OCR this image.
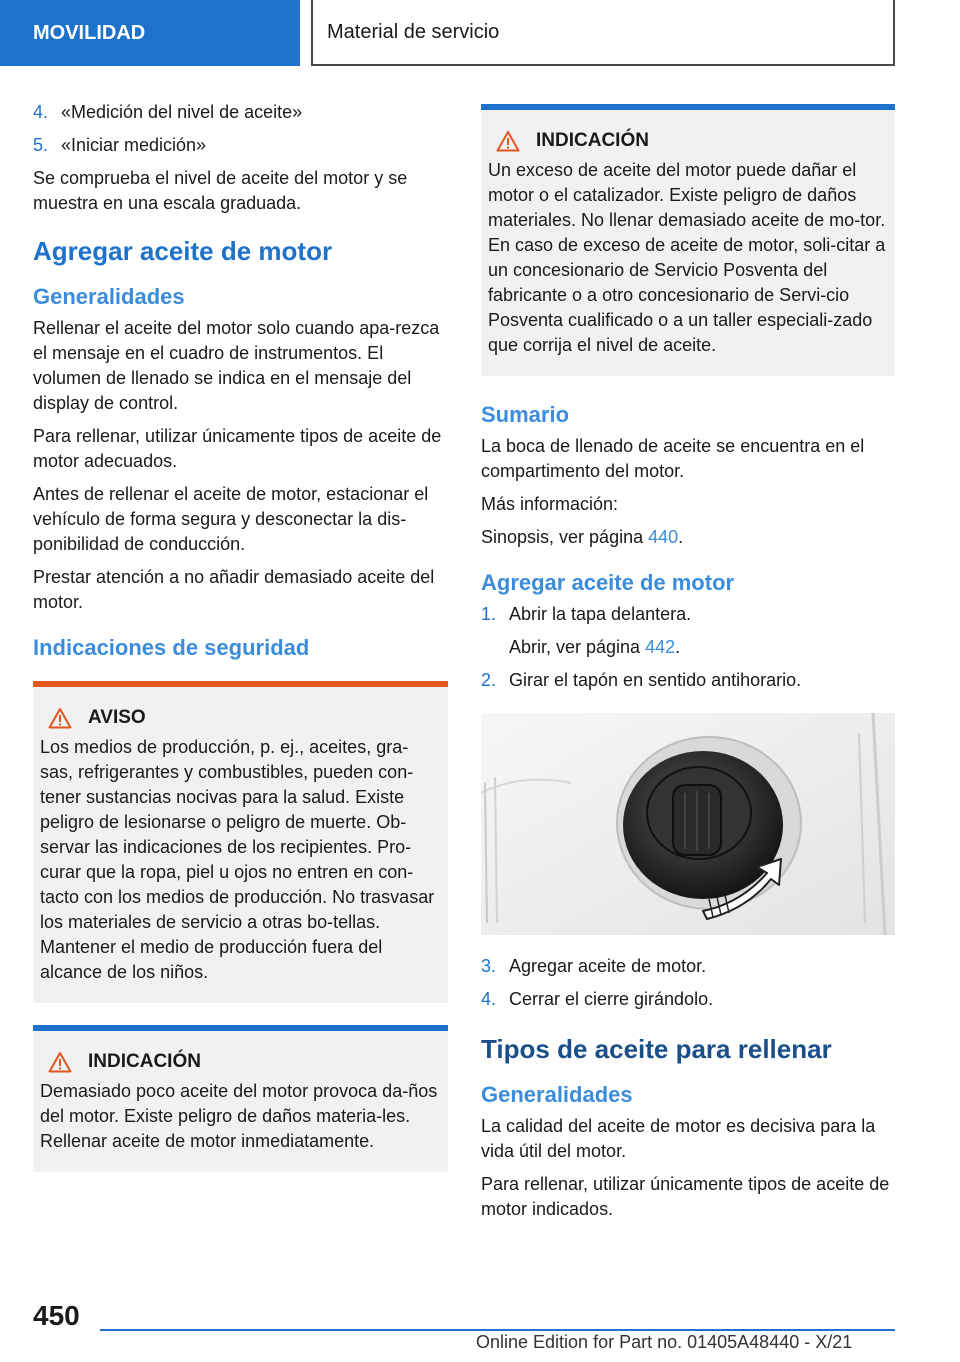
MOVILIDAD	Material de servicio
4. «Medición del nivel de aceite»
5. «Iniciar medición»

Se comprueba el nivel de aceite del motor y se muestra en una escala graduada.

Agregar aceite de motor
Generalidades

Rellenar el aceite del motor solo cuando apa-rezca el mensaje en el cuadro de instrumentos. El volumen de llenado se indica en el mensaje del display de control.

Para rellenar, utilizar únicamente tipos de aceite de motor adecuados.

Antes de rellenar el aceite de motor, estacionar el vehículo de forma segura y desconectar la dis-ponibilidad de conducción.

Prestar atención a no añadir demasiado aceite del motor.

Indicaciones de seguridad
AVISO

Los medios de producción, p. ej., aceites, gra-sas, refrigerantes y combustibles, pueden con-tener sustancias nocivas para la salud. Existe peligro de lesionarse o peligro de muerte. Ob-servar las indicaciones de los recipientes. Pro-curar que la ropa, piel u ojos no entren en con-tacto con los medios de producción. No trasvasar los materiales de servicio a otras bo-tellas. Mantener el medio de producción fuera del alcance de los niños.

INDICACIÓN

Demasiado poco aceite del motor provoca da-ños del motor. Existe peligro de daños materia-les. Rellenar aceite de motor inmediatamente.

INDICACIÓN

Un exceso de aceite del motor puede dañar el motor o el catalizador. Existe peligro de daños materiales. No llenar demasiado aceite de mo-tor. En caso de exceso de aceite de motor, soli-citar a un concesionario de Servicio Posventa del fabricante o a otro concesionario de Servi-cio Posventa cualificado o a un taller especiali-zado que corrija el nivel de aceite.

Sumario

La boca de llenado de aceite se encuentra en el compartimento del motor.

Más información:

Sinopsis, ver página 440.

Agregar aceite de motor
1. Abrir la tapa delantera.

Abrir, ver página 442.

2. Girar el tapón en sentido antihorario.
3. Agregar aceite de motor.
4. Cerrar el cierre girándolo.
Tipos de aceite para rellenar
Generalidades

La calidad del aceite de motor es decisiva para la vida útil del motor.

Para rellenar, utilizar únicamente tipos de aceite de motor indicados.

450
Online Edition for Part no. 01405A48440 - X/21
